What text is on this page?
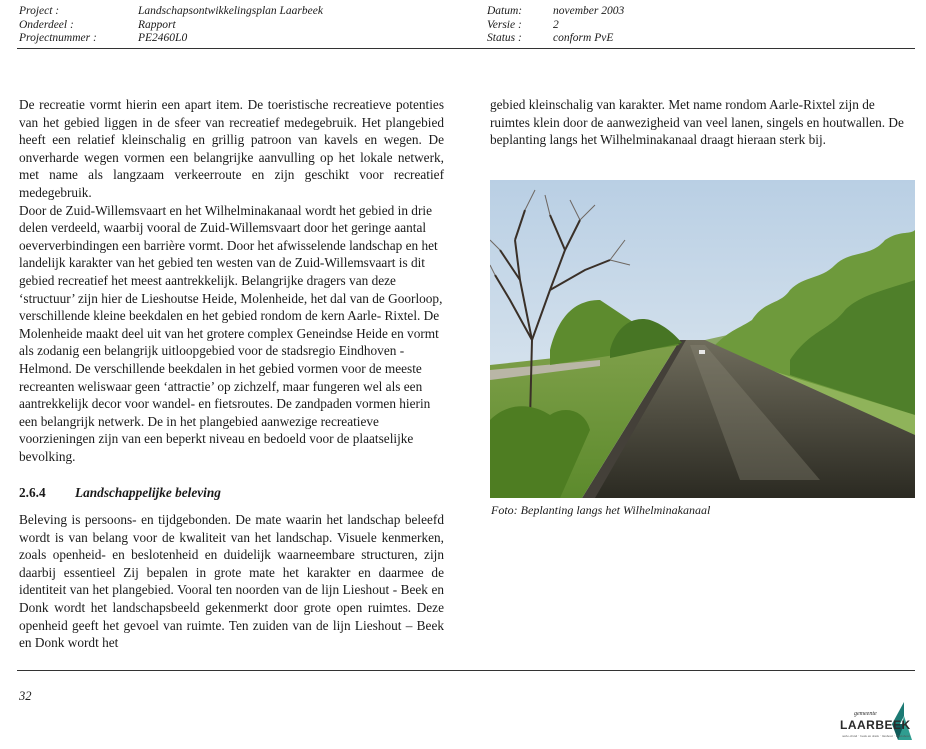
Project :
Onderdeel :
Projectnummer :
Landschapsontwikkelingsplan Laarbeek
Rapport
PE2460L0
Datum:
Versie :
Status :
november 2003
2
conform PvE

De recreatie vormt hierin een apart item. De toeristische recreatieve potenties van het gebied liggen in de sfeer van recreatief medegebruik. Het plangebied heeft een relatief kleinschalig en grillig patroon van kavels en wegen. De onverharde wegen vormen een belangrijke aanvulling op het lokale netwerk, met name als langzaam verkeerroute en zijn geschikt voor recreatief medegebruik.

Door de Zuid-Willemsvaart en het Wilhelminakanaal wordt het gebied in drie delen verdeeld, waarbij vooral de Zuid-Willemsvaart door het geringe aantal oeververbindingen een barrière vormt. Door het afwisselende landschap en het landelijk karakter van het gebied ten westen van de Zuid-Willemsvaart is dit gebied recreatief het meest aantrekkelijk. Belangrijke dragers van deze ‘structuur’ zijn hier de Lieshoutse Heide, Molenheide, het dal van de Goorloop, verschillende kleine beekdalen en het gebied rondom de kern Aarle- Rixtel. De Molenheide maakt deel uit van het grotere complex Geneindse Heide en vormt als zodanig een belangrijk uitloopgebied voor de stadsregio Eindhoven - Helmond. De verschillende beekdalen in het gebied vormen voor de meeste recreanten weliswaar geen ‘attractie’ op zichzelf, maar fungeren wel als een aantrekkelijk decor voor wandel- en fietsroutes. De zandpaden vormen hierin een belangrijk netwerk. De in het plangebied aanwezige recreatieve voorzieningen zijn van een beperkt niveau en bedoeld voor de plaatselijke bevolking.

2.6.4 Landschappelijke beleving

Beleving is persoons- en tijdgebonden. De mate waarin het landschap beleefd wordt is van belang voor de kwaliteit van het landschap. Visuele kenmerken, zoals openheid- en beslotenheid en duidelijk waarneembare structuren, zijn daarbij essentieel Zij bepalen in grote mate het karakter en daarmee de identiteit van het plangebied. Vooral ten noorden van de lijn Lieshout - Beek en Donk wordt het landschapsbeeld gekenmerkt door grote open ruimtes. Deze openheid geeft het gevoel van ruimte. Ten zuiden van de lijn Lieshout – Beek en Donk wordt het

gebied kleinschalig van karakter. Met name rondom Aarle-Rixtel zijn de ruimtes klein door de aanwezigheid van veel lanen, singels en houtwallen. De beplanting langs het Wilhelminakanaal draagt hieraan sterk bij.

Foto: Beplanting langs het Wilhelminakanaal
32
gemeente
LAARBEEK
aarle-rixtel · beek en donk · lieshout · mariahout
